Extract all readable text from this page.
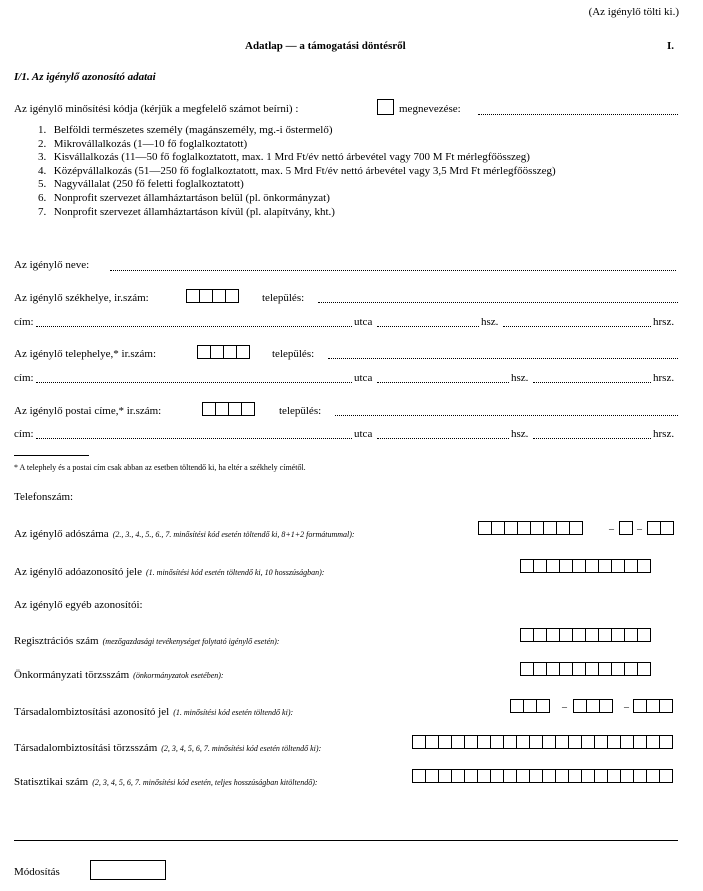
(Az igénylő tölti ki.)
Adatlap — a támogatási döntésről	I.
I/1. Az igénylő azonosító adatai
Az igénylő minősítési kódja (kérjük a megfelelő számot beírni) :	megnevezése:
1. Belföldi természetes személy (magánszemély, mg.-i őstermelő)
2. Mikrovállalkozás (1—10 fő foglalkoztatott)
3. Kisvállalkozás (11—50 fő foglalkoztatott, max. 1 Mrd Ft/év nettó árbevétel vagy 700 M Ft mérlegfőösszeg)
4. Középvállalkozás (51—250 fő foglalkoztatott, max. 5 Mrd Ft/év nettó árbevétel vagy 3,5 Mrd Ft mérlegfőösszeg)
5. Nagyvállalat (250 fő feletti foglalkoztatott)
6. Nonprofit szervezet államháztartáson belül (pl. önkormányzat)
7. Nonprofit szervezet államháztartáson kívül (pl. alapítvány, kht.)
Az igénylő neve:
Az igénylő székhelye, ir.szám:	település:
cím:	utca	hsz.	hrsz.
Az igénylő telephelye,* ir.szám:	település:
cím:	utca	hsz.	hrsz.
Az igénylő postai címe,* ir.szám:	település:
cím:	utca	hsz.	hrsz.
* A telephely és a postai cím csak abban az esetben töltendő ki, ha eltér a székhely címétől.
Telefonszám:
Az igénylő adószáma (2., 3., 4., 5., 6., 7. minősítési kód esetén töltendő ki, 8+1+2 formátummal):	– –
Az igénylő adóazonosító jele (1. minősítési kód esetén töltendő ki, 10 hosszúságban):
Az igénylő egyéb azonosítói:
Regisztrációs szám (mezőgazdasági tevékenységet folytató igénylő esetén):
Önkormányzati törzsszám (önkormányzatok esetében):
Társadalombiztosítási azonosító jel (1. minősítési kód esetén töltendő ki):	–	–
Társadalombiztosítási törzsszám (2, 3, 4, 5, 6, 7. minősítési kód esetén töltendő ki):
Statisztikai szám (2, 3, 4, 5, 6, 7. minősítési kód esetén, teljes hosszúságban kitöltendő):
Módosítás
